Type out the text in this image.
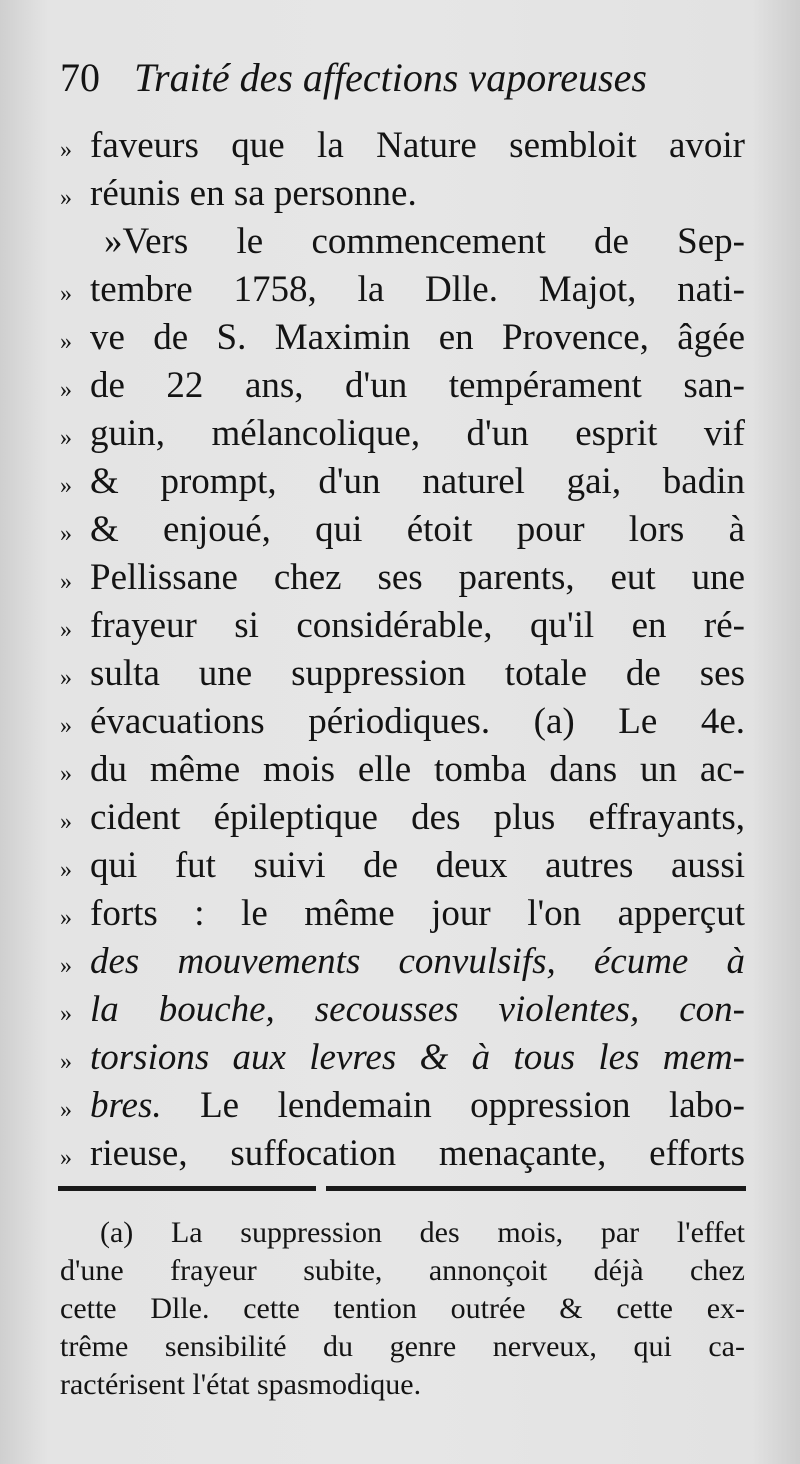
70 Traité des affections vaporeuses
» faveurs que la Nature sembloit avoir
» réunis en sa personne.
»Vers le commencement de Sep-
» tembre 1758, la Dlle. Majot, nati-
» ve de S. Maximin en Provence, âgée
» de 22 ans, d'un tempérament san-
» guin, mélancolique, d'un esprit vif
» & prompt, d'un naturel gai, badin
» & enjoué, qui étoit pour lors à
» Pellissane chez ses parents, eut une
» frayeur si considérable, qu'il en ré-
» sulta une suppression totale de ses
» évacuations périodiques. (a) Le 4e.
» du même mois elle tomba dans un ac-
» cident épileptique des plus effrayants,
» qui fut suivi de deux autres aussi
» forts : le même jour l'on apperçut
» des mouvements convulsifs, écume à
» la bouche, secousses violentes, con-
» torsions aux levres & à tous les mem-
» bres. Le lendemain oppression labo-
» rieuse, suffocation menaçante, efforts
(a) La suppression des mois, par l'effet
d'une frayeur subite, annonçoit déjà chez
cette Dlle. cette tention outrée & cette ex-
trême sensibilité du genre nerveux, qui ca-
ractérisent l'état spasmodique.
